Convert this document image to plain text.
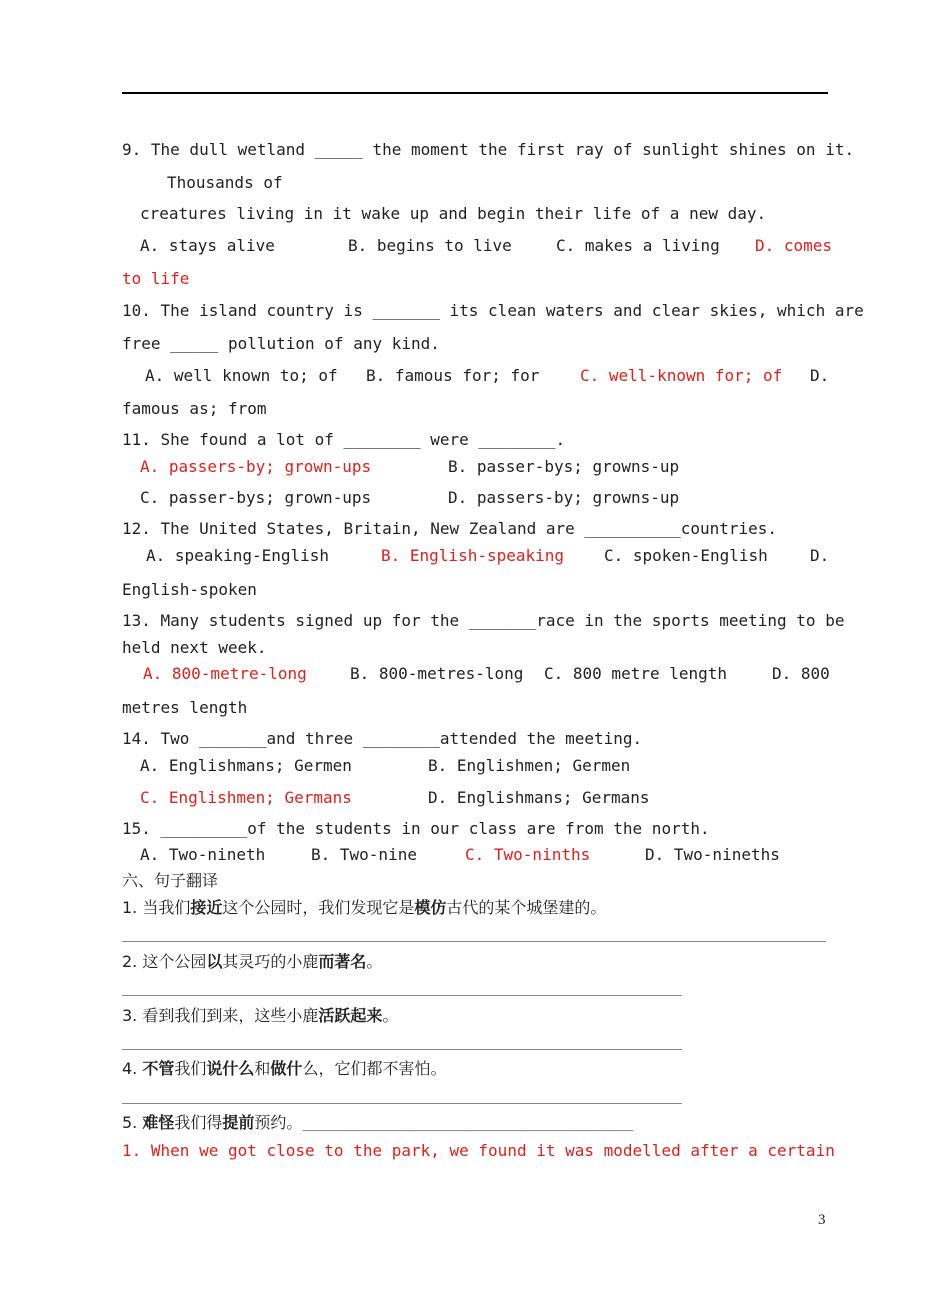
9. The dull wetland _____ the moment the first ray of sunlight shines on it.
Thousands of
creatures living in it wake up and begin their life of a new day.
A. stays alive	B. begins to live	C. makes a living D. comes
to life
10. The island country is _______ its clean waters and clear skies, which are
free _____ pollution of any kind.
A. well known to; of B. famous for; for	C. well-known for; of D.
famous as; from
11. She found a lot of ________ were ________.
A. passers-by; grown-ups	B. passer-bys; growns-up
C. passer-bys; grown-ups	D. passers-by; growns-up
12. The United States, Britain, New Zealand are __________countries.
A. speaking-English	B. English-speaking C. spoken-English	D.
English-spoken
13. Many students signed up for the _______race in the sports meeting to be
held next week.
A. 800-metre-long	B. 800-metres-long C. 800 metre length	D. 800
metres length
14. Two _______and three ________attended the meeting.
A. Englishmans; Germen	B. Englishmen; Germen
C. Englishmen; Germans	D. Englishmans; Germans
15. _________of the students in our class are from the north.
A. Two-nineth	B. Two-nine	C. Two-ninths	D. Two-nineths
六、句子翻译
1. 当我们接近这个公园时，我们发现它是模仿古代的某个城堡建的。
2. 这个公园以其灵巧的小鹿而著名。
3. 看到我们到来，这些小鹿活跃起来。
4. 不管我们说什么和做什么，它们都不害怕。
5. 难怪我们得提前预约。_______________________________________________
1. When we got close to the park, we found it was modelled after a certain
3
